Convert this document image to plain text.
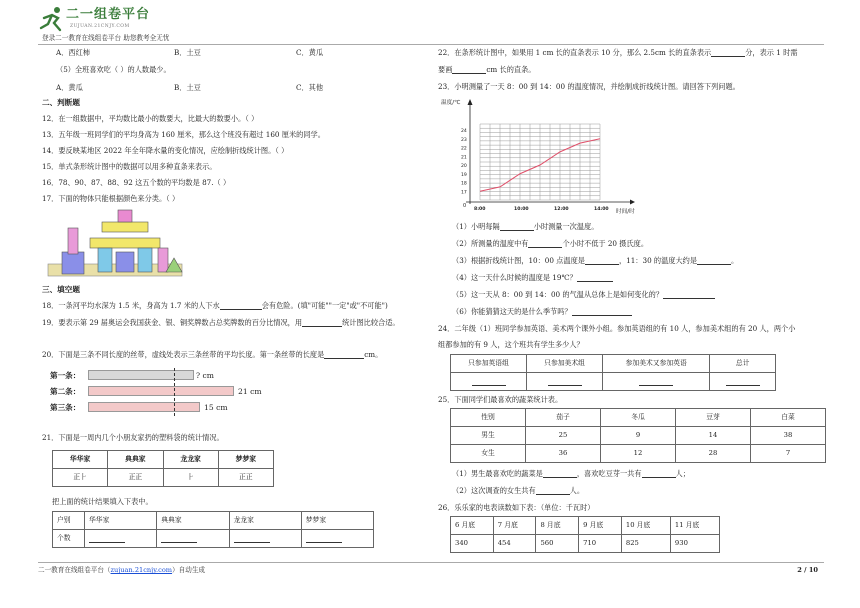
二一组卷平台
ZUJUAN.21CNJY.COM
登录二一教育在线组卷平台 助您教考全无忧
A．西红柿	B．土豆	C．黄瓜
（5）全班喜欢吃（ ）的人数最少。
A．黄瓜	B．土豆	C．其他
二、判断题
12．在一组数据中，平均数比最小的数要大，比最大的数要小。（ ）
13．五年级一班同学们的平均身高为 160 厘米，那么这个班没有超过 160 厘米的同学。
14．要反映某地区 2022 年全年降水量的变化情况，应绘制折线统计图。（ ）
15．单式条形统计图中的数据可以用多种直条来表示。
16．78、90、87、88、92 这五个数的平均数是 87.（ ）
17．下面的物体只能根据颜色来分类。（ ）
三、填空题
18．一条河平均水深为 1.5 米，身高为 1.7 米的人下水	会有危险。(填"可能""一定"或"不可能")
19．要表示第 29 届奥运会我国获金、银、铜奖牌数占总奖牌数的百分比情况，用	统计图比较合适。
20．下面是三条不同长度的丝带，虚线处表示三条丝带的平均长度。第一条丝带的长度是	cm。
第一条：	? cm
第二条：	21 cm
第三条：	15 cm
21．下面是一周内几个小朋友家扔的塑料袋的统计情况。
华华家	典典家	龙龙家	梦梦家
正⺊	正正	⺊	正正
把上面的统计结果填入下表中。
户别	华华家	典典家	龙龙家	梦梦家
个数				
22．在条形统计图中，如果用 1 cm 长的直条表示 10 分，那么 2.5cm 长的直条表示	分，表示 1 时需
要画	cm 长的直条。
23．小明测量了一天 8：00 到 14：00 的温度情况，并绘制成折线统计图。请回答下列问题。
温度/℃
时间/时
0
17
18
19
20
21
22
23
24
8:00	10:00	12:00	14:00
（1）小明每隔	小时测量一次温度。
（2）所测量的温度中有	个小时不低于 20 摄氏度。
（3）根据折线统计图，10：00 点温度是	，11：30 的温度大约是	。
（4）这一天什么时候的温度是 19℃？
（5）这一天从 8：00 到 14：00 的气温从总体上是如何变化的？
（6）你能猜猜这天的是什么季节吗？
24．二年级（1）班同学参加英语、美术两个课外小组。参加英语组的有 10 人，参加美术组的有 20 人，两个小
组都参加的有 9 人，这个班共有学生多少人？
只参加英语组	只参加美术组	参加美术又参加英语	总计

25．下面同学们最喜欢的蔬菜统计表。
性别	茄子	冬瓜	豆芽	白菜
男生	25	9	14	38
女生	36	12	28	7
（1）男生最喜欢吃的蔬菜是	，喜欢吃豆芽一共有	人；
（2）这次调查的女生共有	人。
26．乐乐家的电表读数如下表：（单位：千瓦时）
6 月底	7 月底	8 月底	9 月底	10 月底	11 月底
340	454	560	710	825	930
二一教育在线组卷平台（zujuan.21cnjy.com）自动生成	2 / 10
